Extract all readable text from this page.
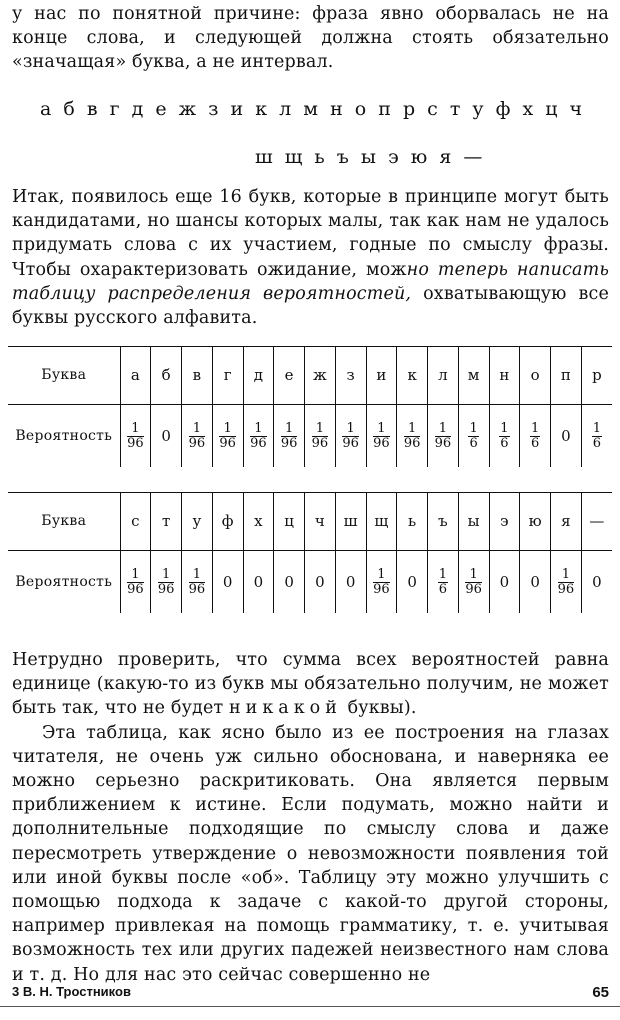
у нас по понятной причине: фраза явно оборвалась не на конце слова, и следующей должна стоять обязательно «значащая» буква, а не интервал.
а б в г д е ж з и к л м н о п р с т у ф х ц ч
ш щ ь ъ ы э ю я —
Итак, появилось еще 16 букв, которые в принципе могут быть кандидатами, но шансы которых малы, так как нам не удалось придумать слова с их участием, годные по смыслу фразы. Чтобы охарактеризовать ожидание, можно теперь написать таблицу распределения вероятностей, охватывающую все буквы русского алфавита.
Буква	а	б	в	г	д	е	ж	з	и	к	л	м	н	о	п	р
Вероятность	$\frac{1}{96}$	0	$\frac{1}{96}$	$\frac{1}{96}$	$\frac{1}{96}$	$\frac{1}{96}$	$\frac{1}{96}$	$\frac{1}{96}$	$\frac{1}{96}$	$\frac{1}{96}$	$\frac{1}{96}$	$\frac{1}{6}$	$\frac{1}{6}$	$\frac{1}{6}$	0	$\frac{1}{6}$
Буква	с	т	у	ф	х	ц	ч	ш	щ	ь	ъ	ы	э	ю	я	—
Вероятность	$\frac{1}{96}$	$\frac{1}{96}$	$\frac{1}{96}$	0	0	0	0	0	$\frac{1}{96}$	0	$\frac{1}{6}$	$\frac{1}{96}$	0	0	$\frac{1}{96}$	0
Нетрудно проверить, что сумма всех вероятностей равна единице (какую-то из букв мы обязательно получим, не может быть так, что не будет никакой буквы).
Эта таблица, как ясно было из ее построения на глазах читателя, не очень уж сильно обоснована, и наверняка ее можно серьезно раскритиковать. Она является первым приближением к истине. Если подумать, можно найти и дополнительные подходящие по смыслу слова и даже пересмотреть утверждение о невозможности появления той или иной буквы после «об». Таблицу эту можно улучшить с помощью подхода к задаче с какой-то другой стороны, например привлекая на помощь грамматику, т. е. учитывая возможность тех или других падежей неизвестного нам слова и т. д. Но для нас это сейчас совершенно не
3 В. Н. Тростников	65
